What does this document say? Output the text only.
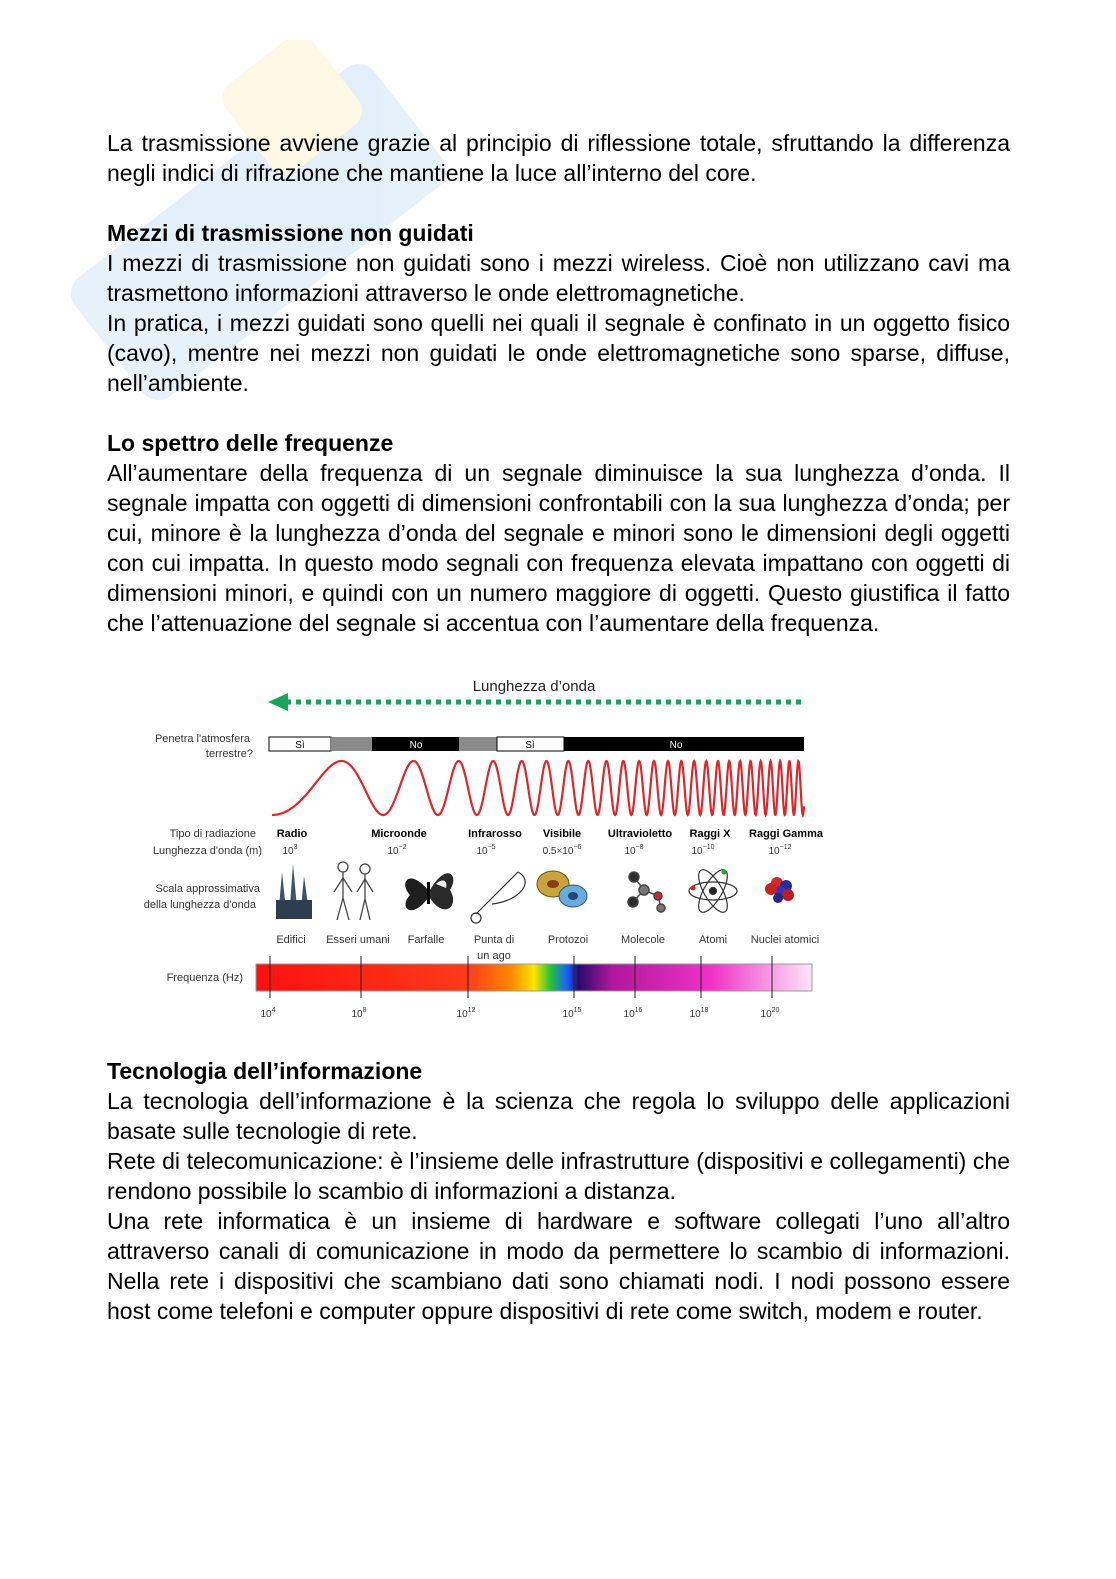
La trasmissione avviene grazie al principio di riflessione totale, sfruttando la differenza negli indici di rifrazione che mantiene la luce all’interno del core.

Mezzi di trasmissione non guidati

I mezzi di trasmissione non guidati sono i mezzi wireless. Cioè non utilizzano cavi ma trasmettono informazioni attraverso le onde elettromagnetiche.

In pratica, i mezzi guidati sono quelli nei quali il segnale è confinato in un oggetto fisico (cavo), mentre nei mezzi non guidati le onde elettromagnetiche sono sparse, diffuse, nell’ambiente.

Lo spettro delle frequenze

All’aumentare della frequenza di un segnale diminuisce la sua lunghezza d’onda. Il segnale impatta con oggetti di dimensioni confrontabili con la sua lunghezza d’onda; per cui, minore è la lunghezza d’onda del segnale e minori sono le dimensioni degli oggetti con cui impatta. In questo modo segnali con frequenza elevata impattano con oggetti di dimensioni minori, e quindi con un numero maggiore di oggetti. Questo giustifica il fatto che l’attenuazione del segnale si accentua con l’aumentare della frequenza.

Lunghezza d’onda
Penetra l'atmosfera
terrestre?
Sì	No	Sì	No
Tipo di radiazione
Lunghezza d'onda (m)
Scala approssimativa
della lunghezza d'onda
Frequenza (Hz)
Radio
$10^3$
Microonde
$10^{-2}$
Infrarosso
$10^{-5}$
Visibile
$0.5\times 10^{-6}$
Ultravioletto
$10^{-8}$
Raggi X
$10^{-10}$
Raggi Gamma
$10^{-12}$
Edifici Esseri umani Farfalle	Punta di
un ago
Protozoi	Molecole	Atomi Nuclei atomici
$10^4$	$10^8$	$10^{12}$	$10^{15}$	$10^{16}$	$10^{18}$	$10^{20}$
Tecnologia dell’informazione

La tecnologia dell’informazione è la scienza che regola lo sviluppo delle applicazioni basate sulle tecnologie di rete.

Rete di telecomunicazione: è l’insieme delle infrastrutture (dispositivi e collegamenti) che rendono possibile lo scambio di informazioni a distanza.

Una rete informatica è un insieme di hardware e software collegati l’uno all’altro attraverso canali di comunicazione in modo da permettere lo scambio di informazioni. Nella rete i dispositivi che scambiano dati sono chiamati nodi. I nodi possono essere host come telefoni e computer oppure dispositivi di rete come switch, modem e router.
